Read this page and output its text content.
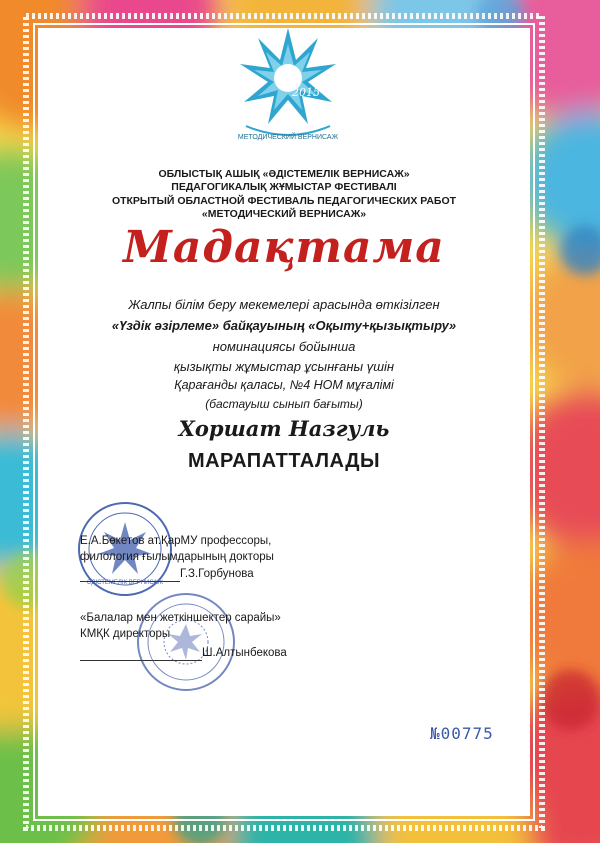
2015
МЕТОДИЧЕСКИЙ ВЕРНИСАЖ
ОБЛЫСТЫҚ АШЫҚ «ӘДІСТЕМЕЛІК ВЕРНИСАЖ»
ПЕДАГОГИКАЛЫҚ ЖҰМЫСТАР ФЕСТИВАЛІ
ОТКРЫТЫЙ ОБЛАСТНОЙ ФЕСТИВАЛЬ ПЕДАГОГИЧЕСКИХ РАБОТ
«МЕТОДИЧЕСКИЙ ВЕРНИСАЖ»
Мадақтама
Жалпы білім беру мекемелері арасында өткізілген
«Үздік әзірлеме» байқауының «Оқыту+қызықтыру»
номинациясы бойынша
қызықты жұмыстар ұсынғаны үшін
Қарағанды қаласы, №4 НОМ мұғалімі
(бастауыш сынып бағыты)
Хоршат Назгуль
МАРАПАТТАЛАДЫ
ӘДІСТЕМЕЛІК ВЕРНИСАЖ
Е.А.Бөкетов ат.ҚарМУ профессоры,
филология ғылымдарының докторы
Г.З.Горбунова
«Балалар мен жеткіншектер сарайы»
КМҚК директоры
Ш.Алтынбекова
№00775
